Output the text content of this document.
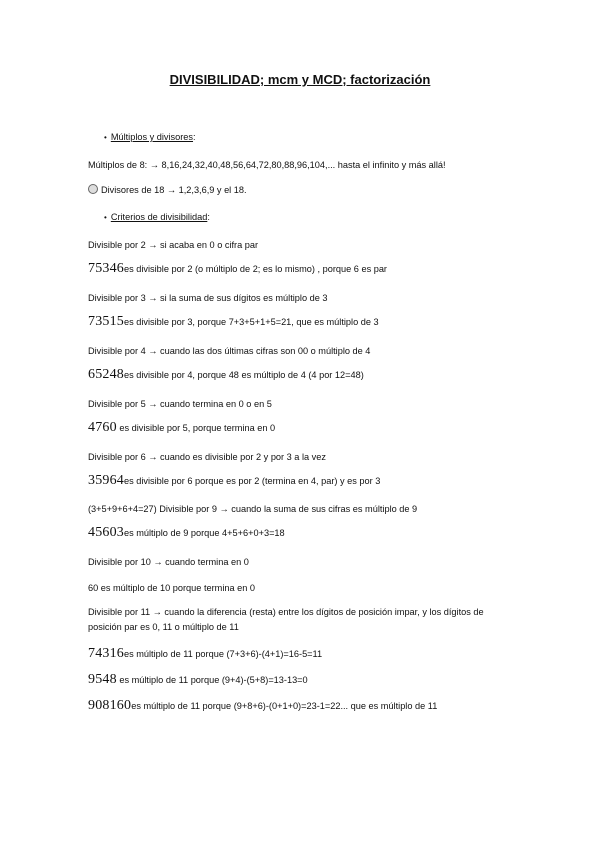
DIVISIBILIDAD; mcm y MCD; factorización
• Múltiplos y divisores:
Múltiplos de 8: → 8,16,24,32,40,48,56,64,72,80,88,96,104,... hasta el infinito y más allá!
Divisores de 18 → 1,2,3,6,9 y el 18.
• Criterios de divisibilidad:
Divisible por 2 → si acaba en 0 o cifra par
75346es divisible por 2 (o múltiplo de 2; es lo mismo) , porque 6 es par
Divisible por 3 → si la suma de sus dígitos es múltiplo de 3
73515es divisible por 3, porque 7+3+5+1+5=21, que es múltiplo de 3
Divisible por 4 → cuando las dos últimas cifras son 00 o múltiplo de 4
65248es divisible por 4, porque 48 es múltiplo de 4 (4 por 12=48)
Divisible por 5 → cuando termina en 0 o en 5
4760 es divisible por 5, porque termina en 0
Divisible por 6 → cuando es divisible por 2 y por 3 a la vez
35964es divisible por 6 porque es por 2 (termina en 4, par) y es por 3
(3+5+9+6+4=27) Divisible por 9 → cuando la suma de sus cifras es múltiplo de 9
45603es múltiplo de 9 porque 4+5+6+0+3=18
Divisible por 10 → cuando termina en 0
60 es múltiplo de 10 porque termina en 0
Divisible por 11 → cuando la diferencia (resta) entre los dígitos de posición impar, y los dígitos de posición par es 0, 11 o múltiplo de 11
74316es múltiplo de 11 porque (7+3+6)-(4+1)=16-5=11
9548 es múltiplo de 11 porque (9+4)-(5+8)=13-13=0
908160es múltiplo de 11 porque (9+8+6)-(0+1+0)=23-1=22... que es múltiplo de 11
